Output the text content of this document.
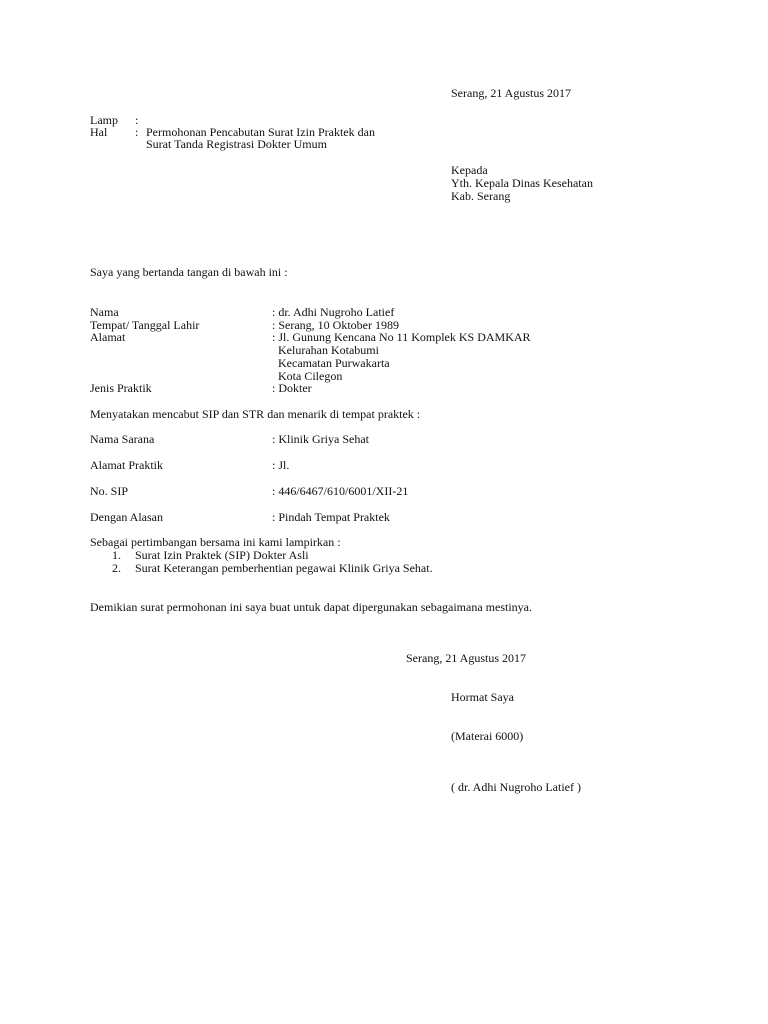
Serang, 21 Agustus 2017
Lamp :
Hal : Permohonan Pencabutan Surat Izin Praktek dan
Surat Tanda Registrasi Dokter Umum
Kepada
Yth. Kepala Dinas Kesehatan
Kab. Serang
Saya yang bertanda tangan di bawah ini :
Nama	: dr. Adhi Nugroho Latief
Tempat/ Tanggal Lahir	: Serang, 10 Oktober 1989
Alamat	: Jl. Gunung Kencana No 11 Komplek KS DAMKAR
Kelurahan Kotabumi
Kecamatan Purwakarta
Kota Cilegon
Jenis Praktik	: Dokter
Menyatakan mencabut SIP dan STR dan menarik di tempat praktek :
Nama Sarana	: Klinik Griya Sehat
Alamat Praktik	: Jl.
No. SIP	: 446/6467/610/6001/XII-21
Dengan Alasan	: Pindah Tempat Praktek
Sebagai pertimbangan bersama ini kami lampirkan :
1. Surat Izin Praktek (SIP) Dokter Asli
2. Surat Keterangan pemberhentian pegawai Klinik Griya Sehat.
Demikian surat permohonan ini saya buat untuk dapat dipergunakan sebagaimana mestinya.
Serang, 21 Agustus 2017
Hormat Saya
(Materai 6000)
( dr. Adhi Nugroho Latief )
